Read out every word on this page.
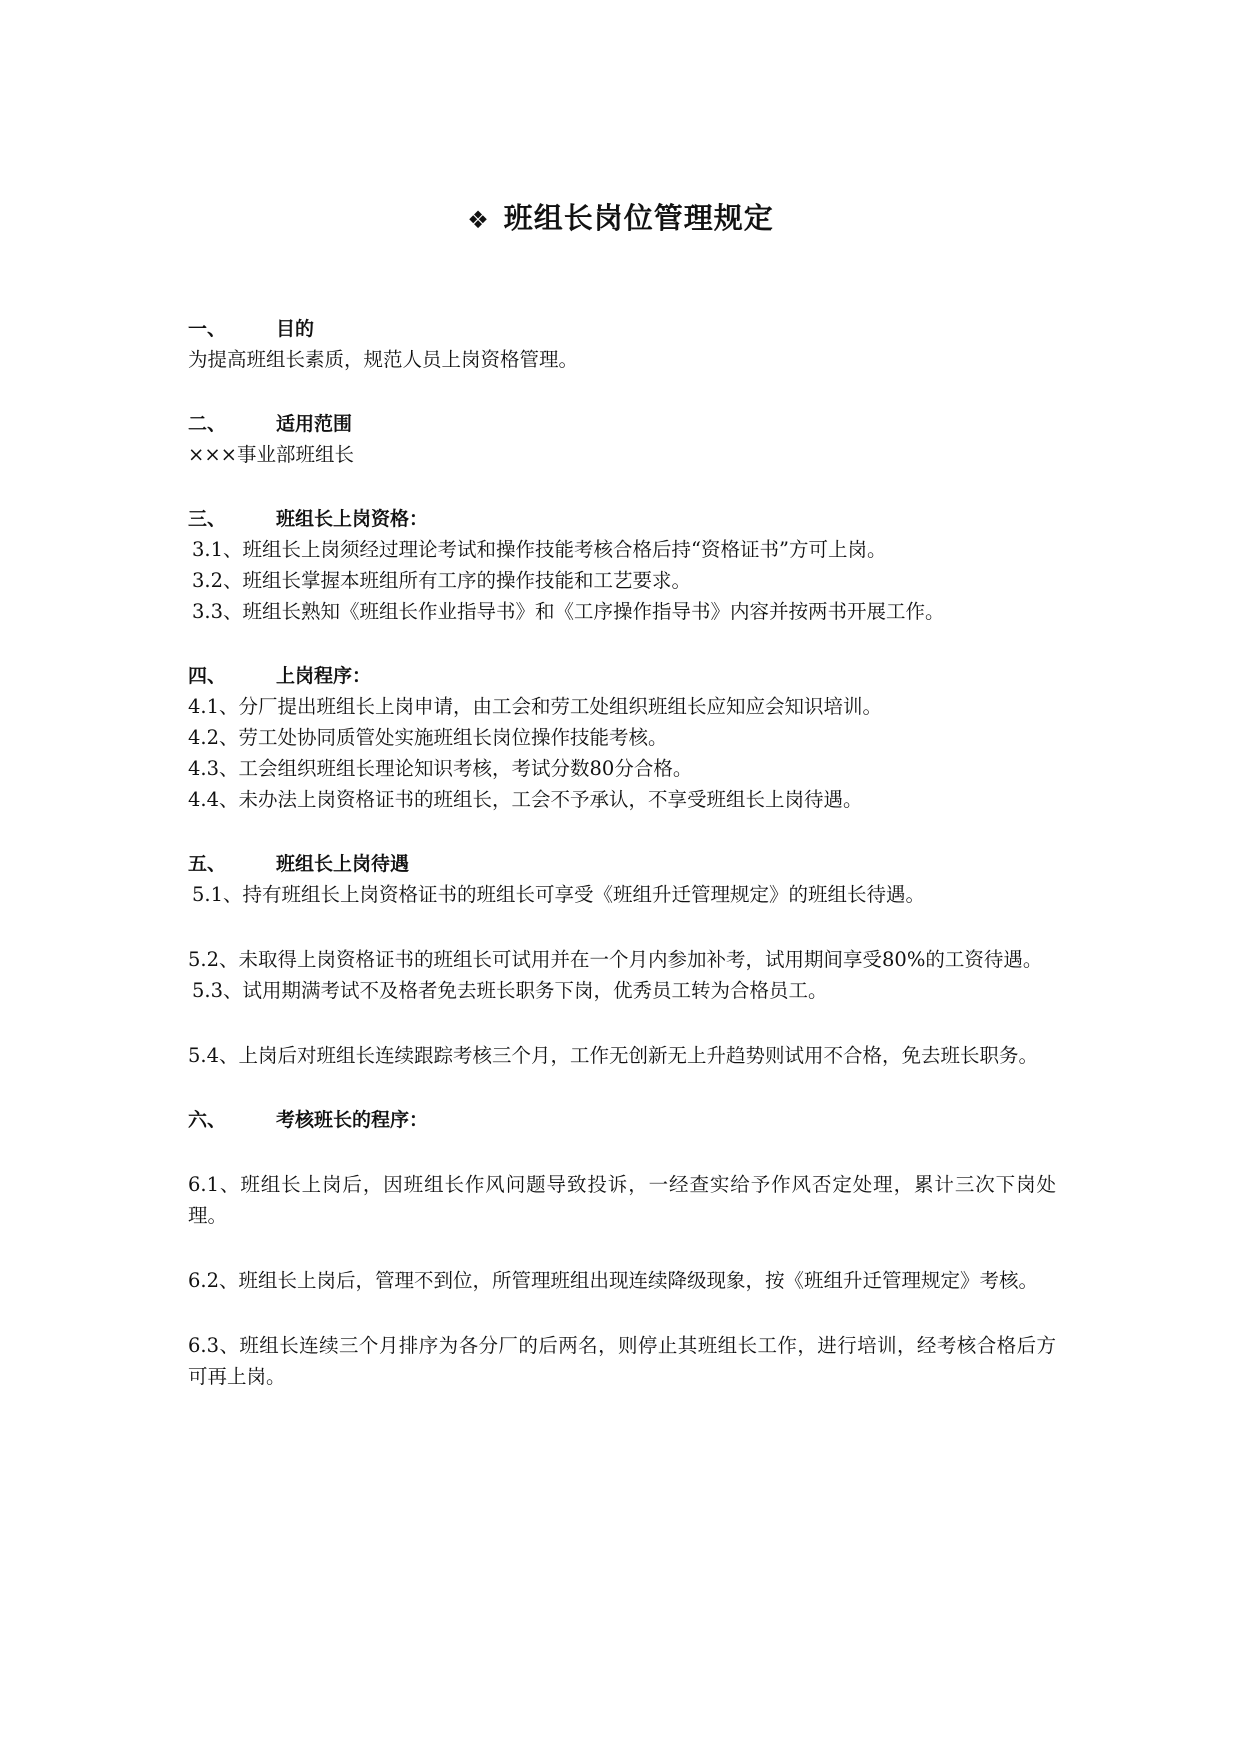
❖ 班组长岗位管理规定
一、	目的
为提高班组长素质，规范人员上岗资格管理。
二、	适用范围
×××事业部班组长
三、	班组长上岗资格：
3.1、班组长上岗须经过理论考试和操作技能考核合格后持“资格证书”方可上岗。
3.2、班组长掌握本班组所有工序的操作技能和工艺要求。
3.3、班组长熟知《班组长作业指导书》和《工序操作指导书》内容并按两书开展工作。
四、	上岗程序：
4.1、分厂提出班组长上岗申请，由工会和劳工处组织班组长应知应会知识培训。
4.2、劳工处协同质管处实施班组长岗位操作技能考核。
4.3、工会组织班组长理论知识考核，考试分数80分合格。
4.4、未办法上岗资格证书的班组长，工会不予承认，不享受班组长上岗待遇。
五、	班组长上岗待遇
5.1、持有班组长上岗资格证书的班组长可享受《班组升迁管理规定》的班组长待遇。
5.2、未取得上岗资格证书的班组长可试用并在一个月内参加补考，试用期间享受80%的工资待遇。
5.3、试用期满考试不及格者免去班长职务下岗，优秀员工转为合格员工。
5.4、上岗后对班组长连续跟踪考核三个月，工作无创新无上升趋势则试用不合格，免去班长职务。
六、	考核班长的程序：
6.1、班组长上岗后，因班组长作风问题导致投诉，一经查实给予作风否定处理，累计三次下岗处理。
6.2、班组长上岗后，管理不到位，所管理班组出现连续降级现象，按《班组升迁管理规定》考核。
6.3、班组长连续三个月排序为各分厂的后两名，则停止其班组长工作，进行培训，经考核合格后方可再上岗。
